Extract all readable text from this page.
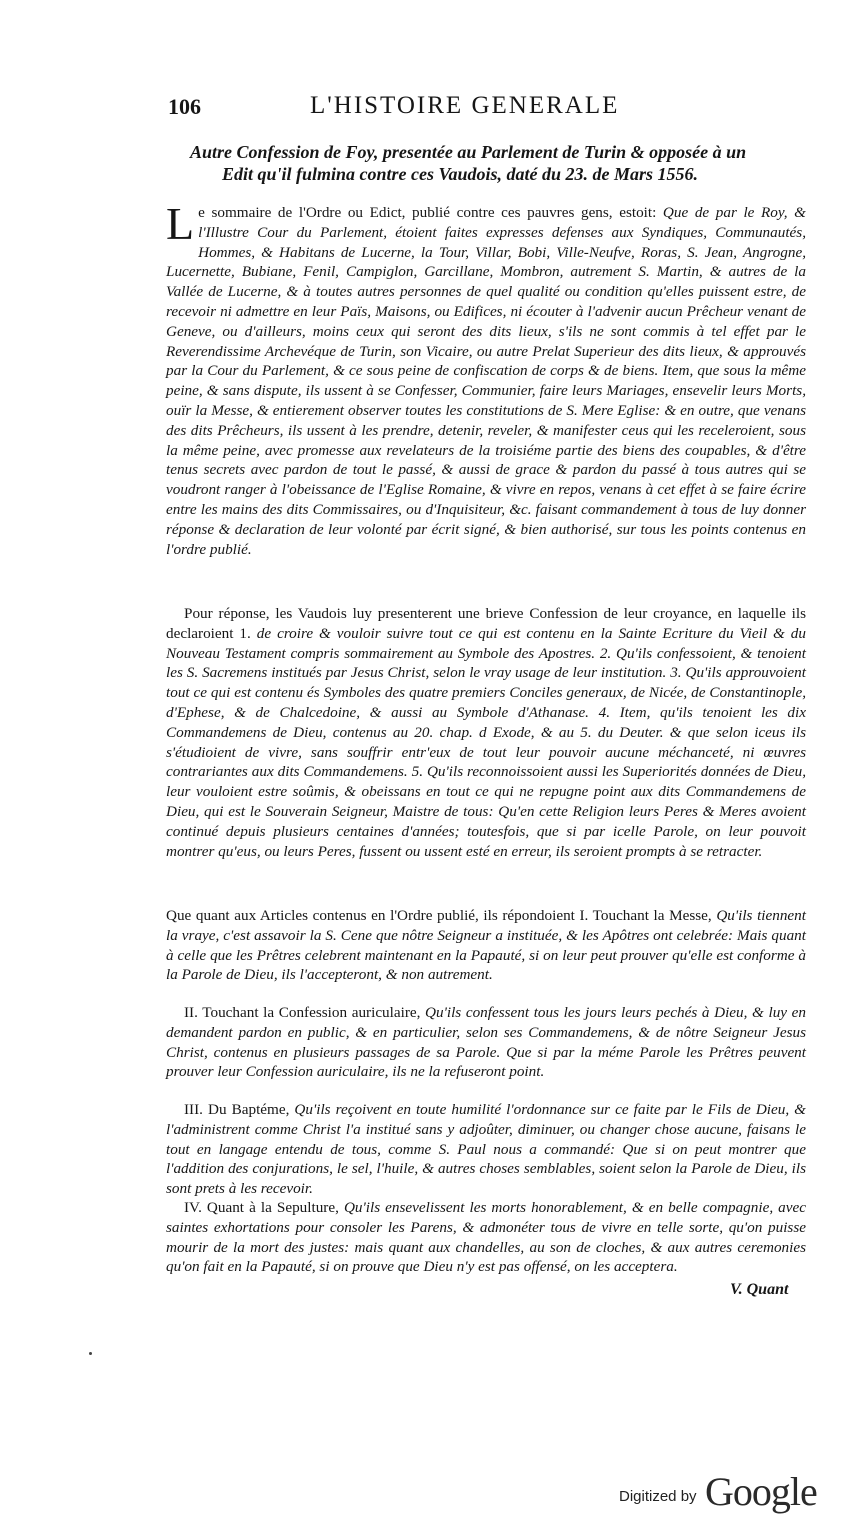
106	L'HISTOIRE GENERALE
Autre Confession de Foy, presentée au Parlement de Turin & opposée à un
Edit qu'il fulmina contre ces Vaudois, daté du 23. de Mars 1556.

Le sommaire de l'Ordre ou Edict, publié contre ces pauvres gens, estoit: Que de par le Roy, & l'Illustre Cour du Parlement, étoient faites expresses defenses aux Syndiques, Communautés, Hommes, & Habitans de Lucerne, la Tour, Villar, Bobi, Ville-Neufve, Roras, S. Jean, Angrogne, Lucernette, Bubiane, Fenil, Campiglon, Garcillane, Mombron, autrement S. Martin, & autres de la Vallée de Lucerne, & à toutes autres personnes de quel qualité ou condition qu'elles puissent estre, de recevoir ni admettre en leur Païs, Maisons, ou Edifices, ni écouter à l'advenir aucun Prêcheur venant de Geneve, ou d'ailleurs, moins ceux qui seront des dits lieux, s'ils ne sont commis à tel effet par le Reverendissime Archevéque de Turin, son Vicaire, ou autre Prelat Superieur des dits lieux, & approuvés par la Cour du Parlement, & ce sous peine de confiscation de corps & de biens. Item, que sous la même peine, & sans dispute, ils ussent à se Confesser, Communier, faire leurs Mariages, ensevelir leurs Morts, ouïr la Messe, & entierement observer toutes les constitutions de S. Mere Eglise: & en outre, que venans des dits Prêcheurs, ils ussent à les prendre, detenir, reveler, & manifester ceus qui les receleroient, sous la même peine, avec promesse aux revelateurs de la troisiéme partie des biens des coupables, & d'être tenus secrets avec pardon de tout le passé, & aussi de grace & pardon du passé à tous autres qui se voudront ranger à l'obeissance de l'Eglise Romaine, & vivre en repos, venans à cet effet à se faire écrire entre les mains des dits Commissaires, ou d'Inquisiteur, &c. faisant commandement à tous de luy donner réponse & declaration de leur volonté par écrit signé, & bien authorisé, sur tous les points contenus en l'ordre publié.

Pour réponse, les Vaudois luy presenterent une brieve Confession de leur croyance, en laquelle ils declaroient 1. de croire & vouloir suivre tout ce qui est contenu en la Sainte Ecriture du Vieil & du Nouveau Testament compris sommairement au Symbole des Apostres. 2. Qu'ils confessoient, & tenoient les S. Sacremens institués par Jesus Christ, selon le vray usage de leur institution. 3. Qu'ils approuvoient tout ce qui est contenu és Symboles des quatre premiers Conciles generaux, de Nicée, de Constantinople, d'Ephese, & de Chalcedoine, & aussi au Symbole d'Athanase. 4. Item, qu'ils tenoient les dix Commandemens de Dieu, contenus au 20. chap. d Exode, & au 5. du Deuter. & que selon iceus ils s'étudioient de vivre, sans souffrir entr'eux de tout leur pouvoir aucune méchanceté, ni œuvres contrariantes aux dits Commandemens. 5. Qu'ils reconnoissoient aussi les Superiorités données de Dieu, leur vouloient estre soûmis, & obeissans en tout ce qui ne repugne point aux dits Commandemens de Dieu, qui est le Souverain Seigneur, Maistre de tous: Qu'en cette Religion leurs Peres & Meres avoient continué depuis plusieurs centaines d'années; toutesfois, que si par icelle Parole, on leur pouvoit montrer qu'eus, ou leurs Peres, fussent ou ussent esté en erreur, ils seroient prompts à se retracter.

Que quant aux Articles contenus en l'Ordre publié, ils répondoient I. Touchant la Messe, Qu'ils tiennent la vraye, c'est assavoir la S. Cene que nôtre Seigneur a instituée, & les Apôtres ont celebrée: Mais quant à celle que les Prêtres celebrent maintenant en la Papauté, si on leur peut prouver qu'elle est conforme à la Parole de Dieu, ils l'accepteront, & non autrement.

II. Touchant la Confession auriculaire, Qu'ils confessent tous les jours leurs pechés à Dieu, & luy en demandent pardon en public, & en particulier, selon ses Commandemens, & de nôtre Seigneur Jesus Christ, contenus en plusieurs passages de sa Parole. Que si par la méme Parole les Prêtres peuvent prouver leur Confession auriculaire, ils ne la refuseront point.

III. Du Baptéme, Qu'ils reçoivent en toute humilité l'ordonnance sur ce faite par le Fils de Dieu, & l'administrent comme Christ l'a institué sans y adjoûter, diminuer, ou changer chose aucune, faisans le tout en langage entendu de tous, comme S. Paul nous a commandé: Que si on peut montrer que l'addition des conjurations, le sel, l'huile, & autres choses semblables, soient selon la Parole de Dieu, ils sont prets à les recevoir.

IV. Quant à la Sepulture, Qu'ils ensevelissent les morts honorablement, & en belle compagnie, avec saintes exhortations pour consoler les Parens, & admonéter tous de vivre en telle sorte, qu'on puisse mourir de la mort des justes: mais quant aux chandelles, au son de cloches, & aux autres ceremonies qu'on fait en la Papauté, si on prouve que Dieu n'y est pas offensé, on les acceptera.

V. Quant
Digitized by Google
